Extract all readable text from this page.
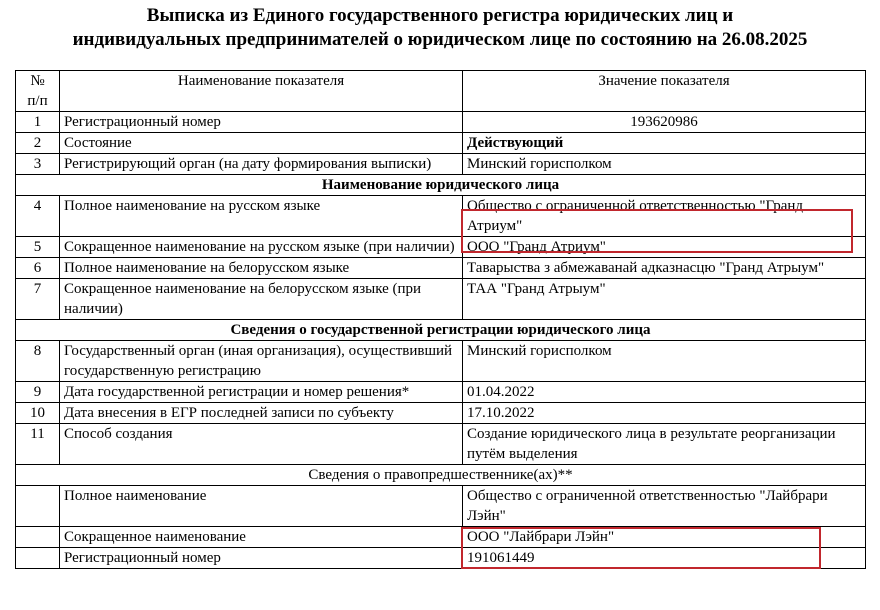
Выписка из Единого государственного регистра юридических лиц и
индивидуальных предпринимателей о юридическом лице по состоянию на 26.08.2025
№
п/п	Наименование показателя	Значение показателя
1	Регистрационный номер	193620986
2	Состояние	Действующий
3	Регистрирующий орган (на дату формирования выписки)	Минский горисполком
Наименование юридического лица		
4	Полное наименование на русском языке	Общество с ограниченной ответственностью "Гранд Атриум"
5	Сокращенное наименование на русском языке (при наличии)	ООО "Гранд Атриум"
6	Полное наименование на белорусском языке	Таварыства з абмежаванай адказнасцю "Гранд Атрыум"
7	Сокращенное наименование на белорусском языке (при наличии)	ТАА "Гранд Атрыум"
Сведения о государственной регистрации юридического лица		
8	Государственный орган (иная организация), осуществивший государственную регистрацию	Минский горисполком
9	Дата государственной регистрации и номер решения*	01.04.2022
10	Дата внесения в ЕГР последней записи по субъекту	17.10.2022
11	Способ создания	Создание юридического лица в результате реорганизации путём выделения
Сведения о правопредшественнике(ах)**		
	Полное наименование	Общество с ограниченной ответственностью "Лайбрари Лэйн"
	Сокращенное наименование	ООО "Лайбрари Лэйн"
	Регистрационный номер	191061449
